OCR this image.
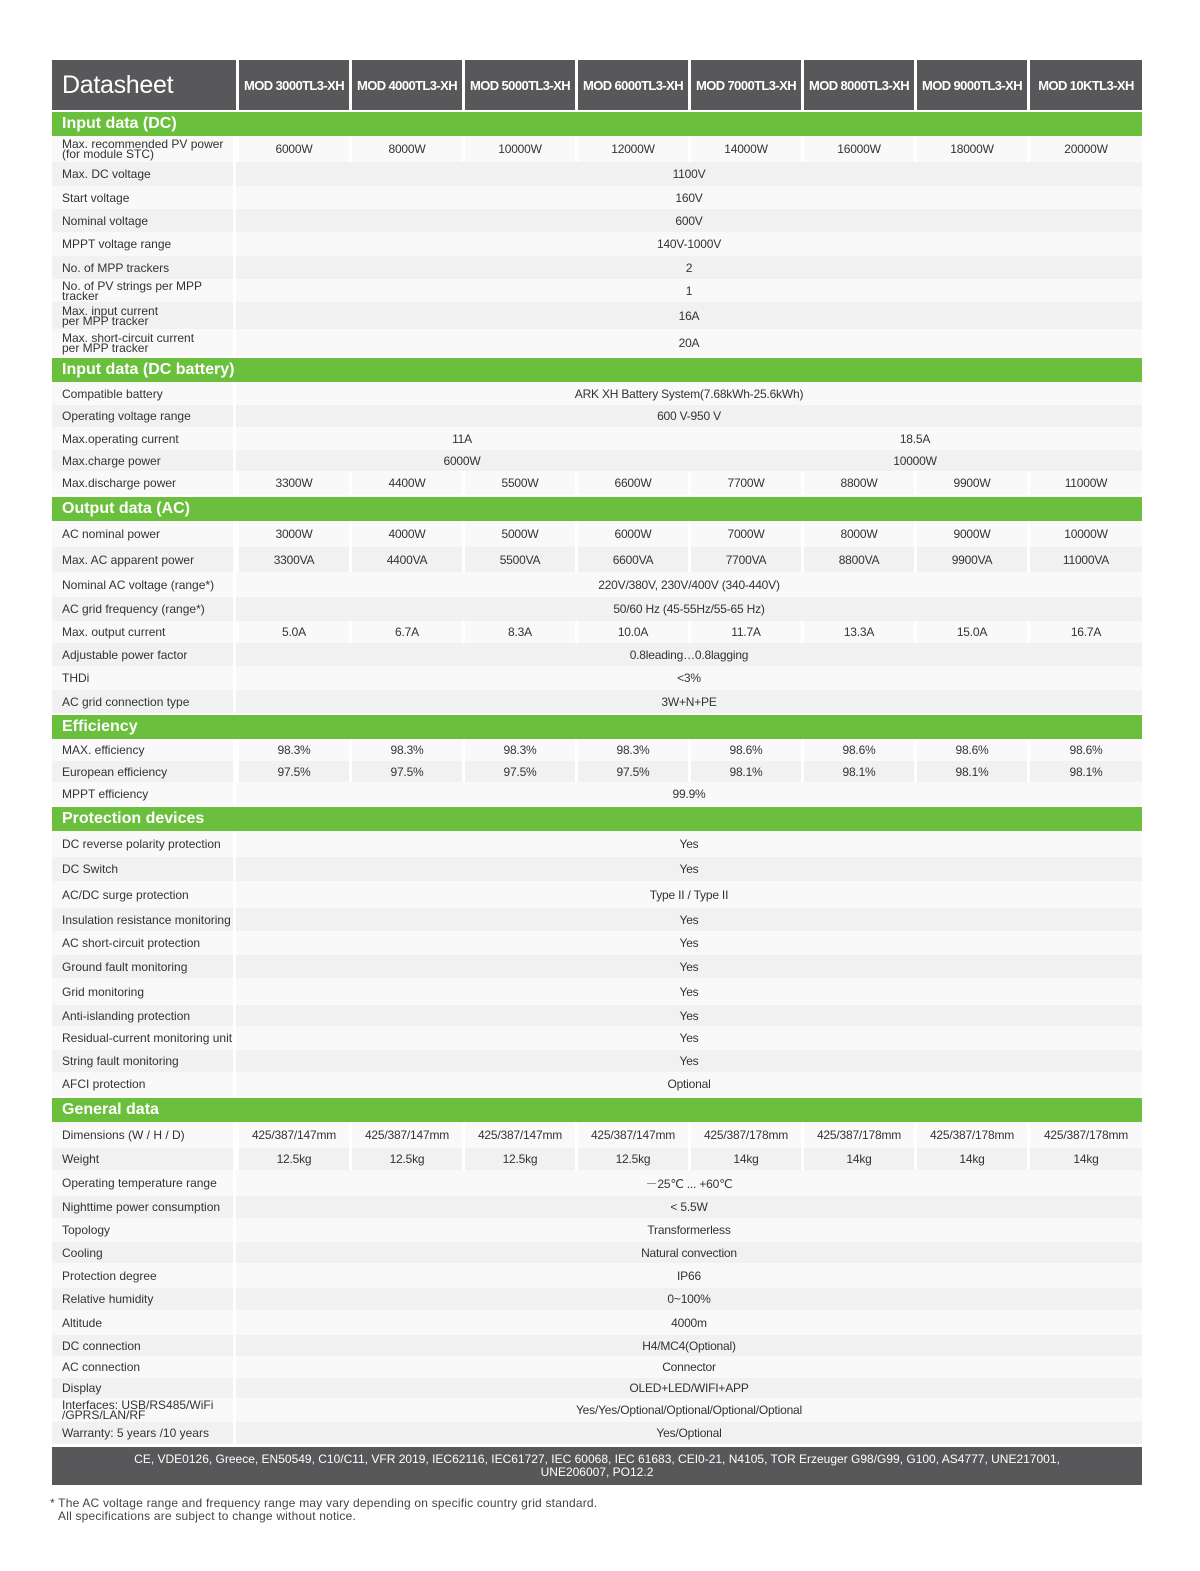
Datasheet	MOD 3000TL3-XH	MOD 4000TL3-XH	MOD 5000TL3-XH	MOD 6000TL3-XH	MOD 7000TL3-XH	MOD 8000TL3-XH	MOD 9000TL3-XH	MOD 10KTL3-XH
Input data (DC)								
Max. recommended PV power
(for module STC)	6000W	8000W	10000W	12000W	14000W	16000W	18000W	20000W
Max. DC voltage	1100V							
Start voltage	160V							
Nominal voltage	600V							
MPPT voltage range	140V-1000V							
No. of MPP trackers	2							
No. of PV strings per MPP tracker	1							
Max. input current
per MPP tracker	16A							
Max. short-circuit current
per MPP tracker	20A							
Input data (DC battery)								
Compatible battery	ARK XH Battery System(7.68kWh-25.6kWh)							
Operating voltage range	600 V-950 V							
Max.operating current	11A				18.5A			
Max.charge power	6000W				10000W			
Max.discharge power	3300W	4400W	5500W	6600W	7700W	8800W	9900W	11000W
Output data (AC)								
AC nominal power	3000W	4000W	5000W	6000W	7000W	8000W	9000W	10000W
Max. AC apparent power	3300VA	4400VA	5500VA	6600VA	7700VA	8800VA	9900VA	11000VA
Nominal AC voltage (range*)	220V/380V, 230V/400V (340-440V)							
AC grid frequency (range*)	50/60 Hz (45-55Hz/55-65 Hz)							
Max. output current	5.0A	6.7A	8.3A	10.0A	11.7A	13.3A	15.0A	16.7A
Adjustable power factor	0.8leading…0.8lagging							
THDi	<3%							
AC grid connection type	3W+N+PE							
Efficiency								
MAX. efficiency	98.3%	98.3%	98.3%	98.3%	98.6%	98.6%	98.6%	98.6%
European efficiency	97.5%	97.5%	97.5%	97.5%	98.1%	98.1%	98.1%	98.1%
MPPT efficiency	99.9%							
Protection devices								
DC reverse polarity protection	Yes							
DC Switch	Yes							
AC/DC surge protection	Type II / Type II							
Insulation resistance monitoring	Yes							
AC short-circuit protection	Yes							
Ground fault monitoring	Yes							
Grid monitoring	Yes							
Anti-islanding protection	Yes							
Residual-current monitoring unit	Yes							
String fault monitoring	Yes							
AFCI protection	Optional							
General data								
Dimensions (W / H / D)	425/387/147mm	425/387/147mm	425/387/147mm	425/387/147mm	425/387/178mm	425/387/178mm	425/387/178mm	425/387/178mm
Weight	12.5kg	12.5kg	12.5kg	12.5kg	14kg	14kg	14kg	14kg
Operating temperature range	－25℃ ... +60℃							
Nighttime power consumption	< 5.5W							
Topology	Transformerless							
Cooling	Natural convection							
Protection degree	IP66							
Relative humidity	0~100%							
Altitude	4000m							
DC connection	H4/MC4(Optional)							
AC connection	Connector							
Display	OLED+LED/WIFI+APP							
Interfaces: USB/RS485/WiFi
/GPRS/LAN/RF	Yes/Yes/Optional/Optional/Optional/Optional							
Warranty: 5 years /10 years	Yes/Optional							
CE, VDE0126, Greece, EN50549, C10/C11, VFR 2019, IEC62116, IEC61727, IEC 60068, IEC 61683, CEI0-21, N4105, TOR Erzeuger G98/G99, G100, AS4777, UNE217001, UNE206007, PO12.2								
* The AC voltage range and frequency range may vary depending on specific country grid standard.
All specifications are subject to change without notice.
